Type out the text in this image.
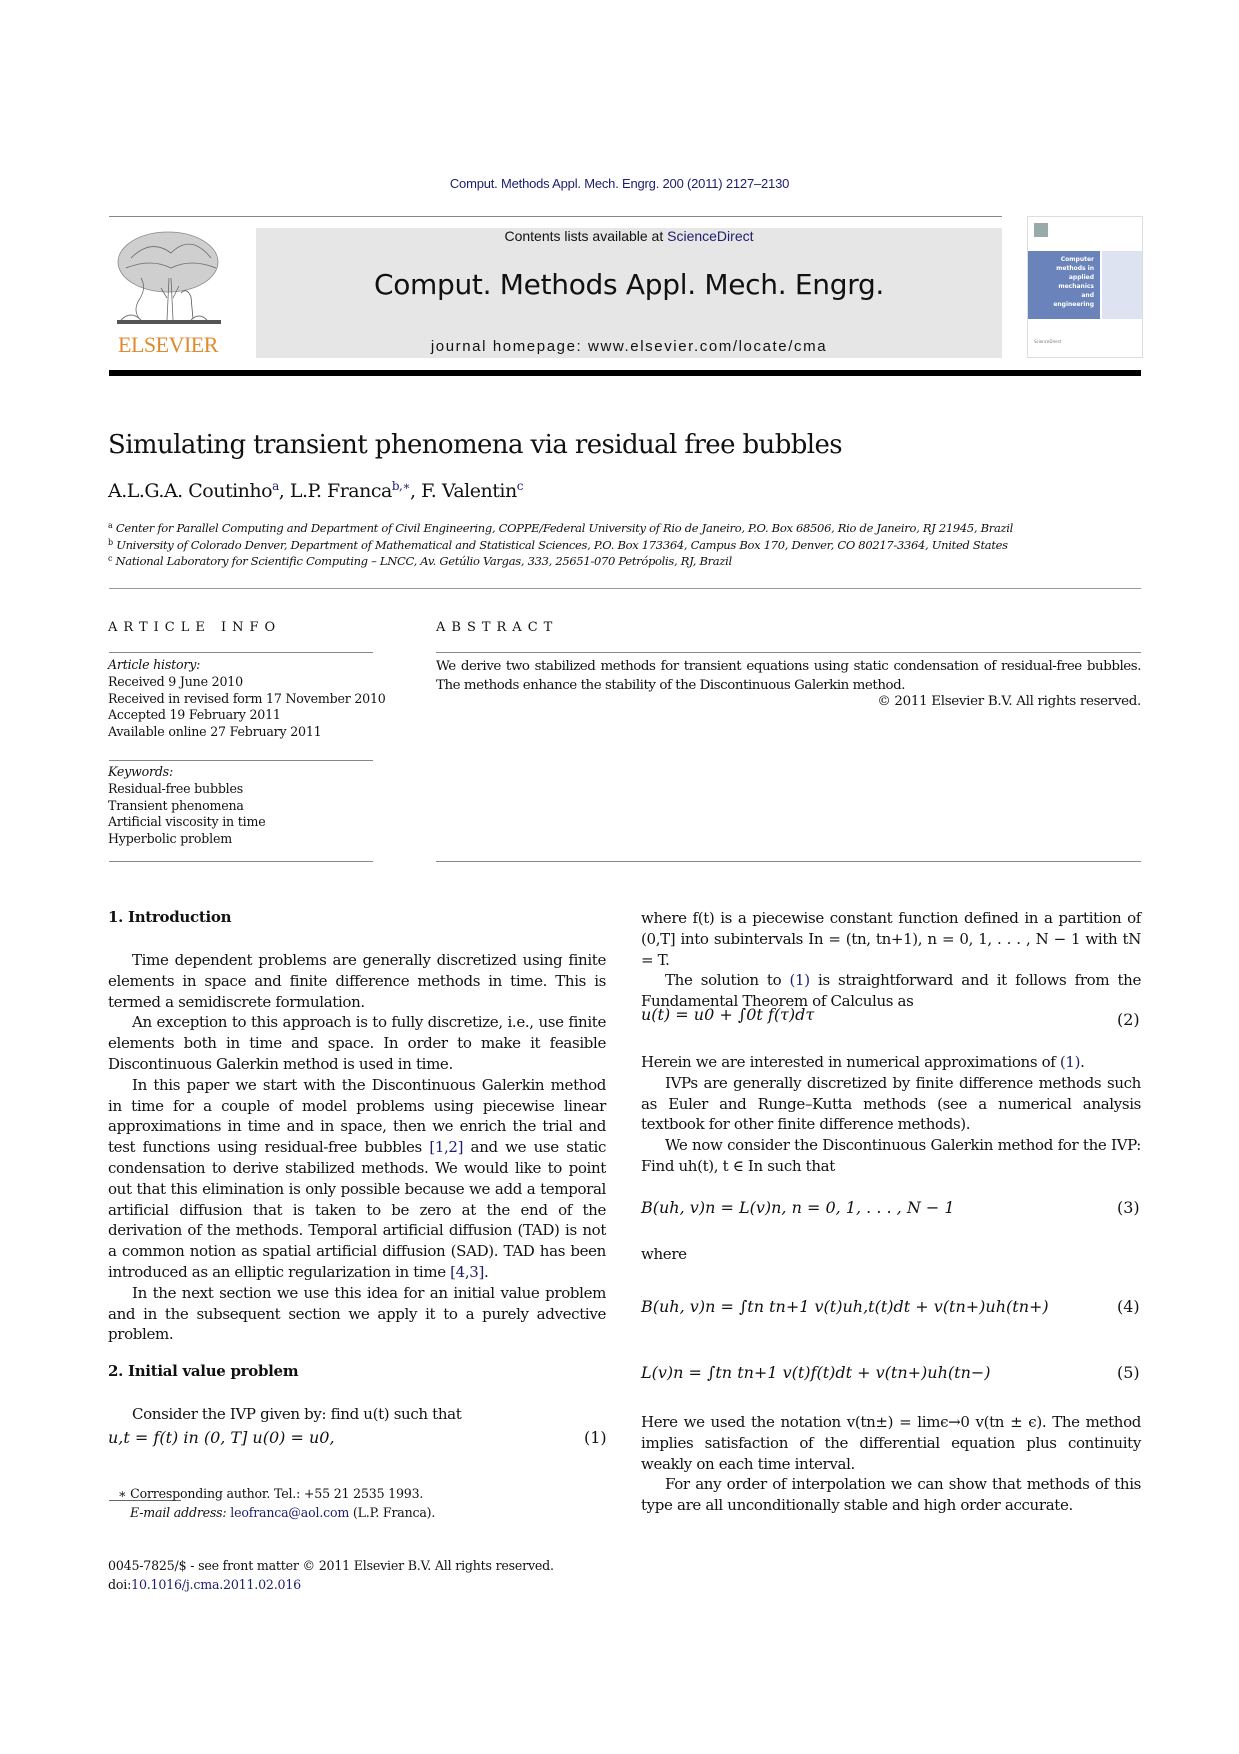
Comput. Methods Appl. Mech. Engrg. 200 (2011) 2127–2130
ELSEVIER
Contents lists available at ScienceDirect
Comput. Methods Appl. Mech. Engrg.
journal homepage: www.elsevier.com/locate/cma
Computer
methods in
applied
mechanics
and
engineering
ScienceDirect
Simulating transient phenomena via residual free bubbles
A.L.G.A. Coutinho$^a$, L.P. Franca$^{b,∗}$, F. Valentin$^c$
$^a$ Center for Parallel Computing and Department of Civil Engineering, COPPE/Federal University of Rio de Janeiro, P.O. Box 68506, Rio de Janeiro, RJ 21945, Brazil
$^b$ University of Colorado Denver, Department of Mathematical and Statistical Sciences, P.O. Box 173364, Campus Box 170, Denver, CO 80217-3364, United States
$^c$ National Laboratory for Scientific Computing – LNCC, Av. Getúlio Vargas, 333, 25651-070 Petrópolis, RJ, Brazil
ARTICLE INFO	ABSTRACT
Article history:
Received 9 June 2010
Received in revised form 17 November 2010
Accepted 19 February 2011
Available online 27 February 2011
Keywords:
Residual-free bubbles
Transient phenomena
Artificial viscosity in time
Hyperbolic problem
We derive two stabilized methods for transient equations using static condensation of residual-free bubbles. The methods enhance the stability of the Discontinuous Galerkin method.
© 2011 Elsevier B.V. All rights reserved.
1. Introduction

Time dependent problems are generally discretized using finite elements in space and finite difference methods in time. This is termed a semidiscrete formulation.

An exception to this approach is to fully discretize, i.e., use finite elements both in time and space. In order to make it feasible Discontinuous Galerkin method is used in time.

In this paper we start with the Discontinuous Galerkin method in time for a couple of model problems using piecewise linear approximations in time and in space, then we enrich the trial and test functions using residual-free bubbles [1,2] and we use static condensation to derive stabilized methods. We would like to point out that this elimination is only possible because we add a temporal artificial diffusion that is taken to be zero at the end of the derivation of the methods. Temporal artificial diffusion (TAD) is not a common notion as spatial artificial diffusion (SAD). TAD has been introduced as an elliptic regularization in time [4,3].

In the next section we use this idea for an initial value problem and in the subsequent section we apply it to a purely advective problem.

2. Initial value problem

Consider the IVP given by: find u(t) such that

u,t = f(t) in (0, T] u(0) = u0,	(1)
∗ Corresponding author. Tel.: +55 21 2535 1993.
E-mail address: leofranca@aol.com (L.P. Franca).
0045-7825/$ - see front matter © 2011 Elsevier B.V. All rights reserved.
doi:10.1016/j.cma.2011.02.016

where f(t) is a piecewise constant function defined in a partition of (0,T] into subintervals In = (tn, tn+1), n = 0, 1, . . . , N − 1 with tN = T.

The solution to (1) is straightforward and it follows from the Fundamental Theorem of Calculus as

u(t) = u0 + ∫0t f(τ)dτ	(2)

Herein we are interested in numerical approximations of (1).

IVPs are generally discretized by finite difference methods such as Euler and Runge–Kutta methods (see a numerical analysis textbook for other finite difference methods).

We now consider the Discontinuous Galerkin method for the IVP: Find uh(t), t ∈ In such that

B(uh, v)n = L(v)n, n = 0, 1, . . . , N − 1	(3)

where

B(uh, v)n = ∫tn tn+1 v(t)uh,t(t)dt + v(tn+)uh(tn+)	(4)
L(v)n = ∫tn tn+1 v(t)f(t)dt + v(tn+)uh(tn−)	(5)

Here we used the notation v(tn±) = limϵ→0 v(tn ± ϵ). The method implies satisfaction of the differential equation plus continuity weakly on each time interval.

For any order of interpolation we can show that methods of this type are all unconditionally stable and high order accurate.
